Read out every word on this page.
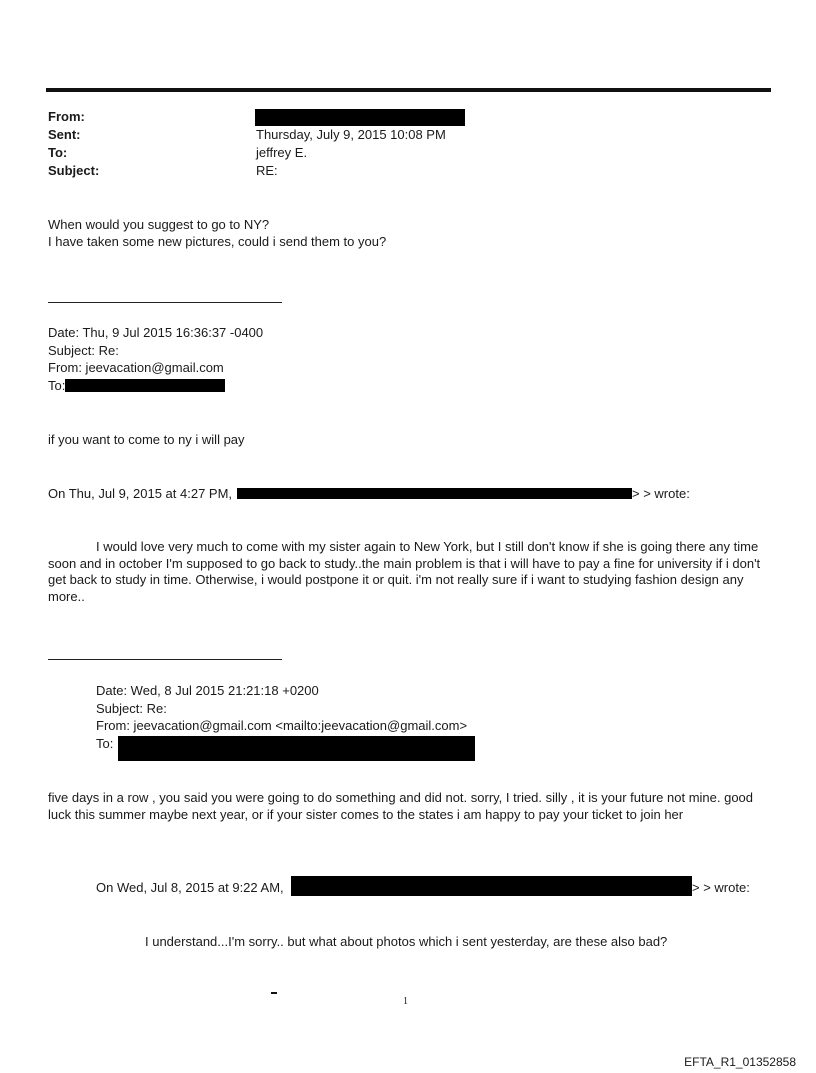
From:
Sent:	Thursday, July 9, 2015 10:08 PM
To:	jeffrey E.
Subject:	RE:
When would you suggest to go to NY?
I have taken some new pictures, could i send them to you?
Date: Thu, 9 Jul 2015 16:36:37 -0400
Subject: Re:
From: jeevacation@gmail.com
To:
if you want to come to ny i will pay
On Thu, Jul 9, 2015 at 4:27 PM,	> > wrote:
I would love very much to come with my sister again to New York, but I still don't know if she is going there any time soon and in october I'm supposed to go back to study..the main problem is that i will have to pay a fine for university if i don't get back to study in time. Otherwise, i would postpone it or quit. i'm not really sure if i want to studying fashion design any more..
Date: Wed, 8 Jul 2015 21:21:18 +0200
Subject: Re:
From: jeevacation@gmail.com <mailto:jeevacation@gmail.com>
To:
five days in a row , you said you were going to do something and did not. sorry, I tried. silly , it is your future not mine. good luck this summer maybe next year, or if your sister comes to the states i am happy to pay your ticket to join her
On Wed, Jul 8, 2015 at 9:22 AM,	> > wrote:
I understand...I'm sorry.. but what about photos which i sent yesterday, are these also bad?
1
EFTA_R1_01352858
